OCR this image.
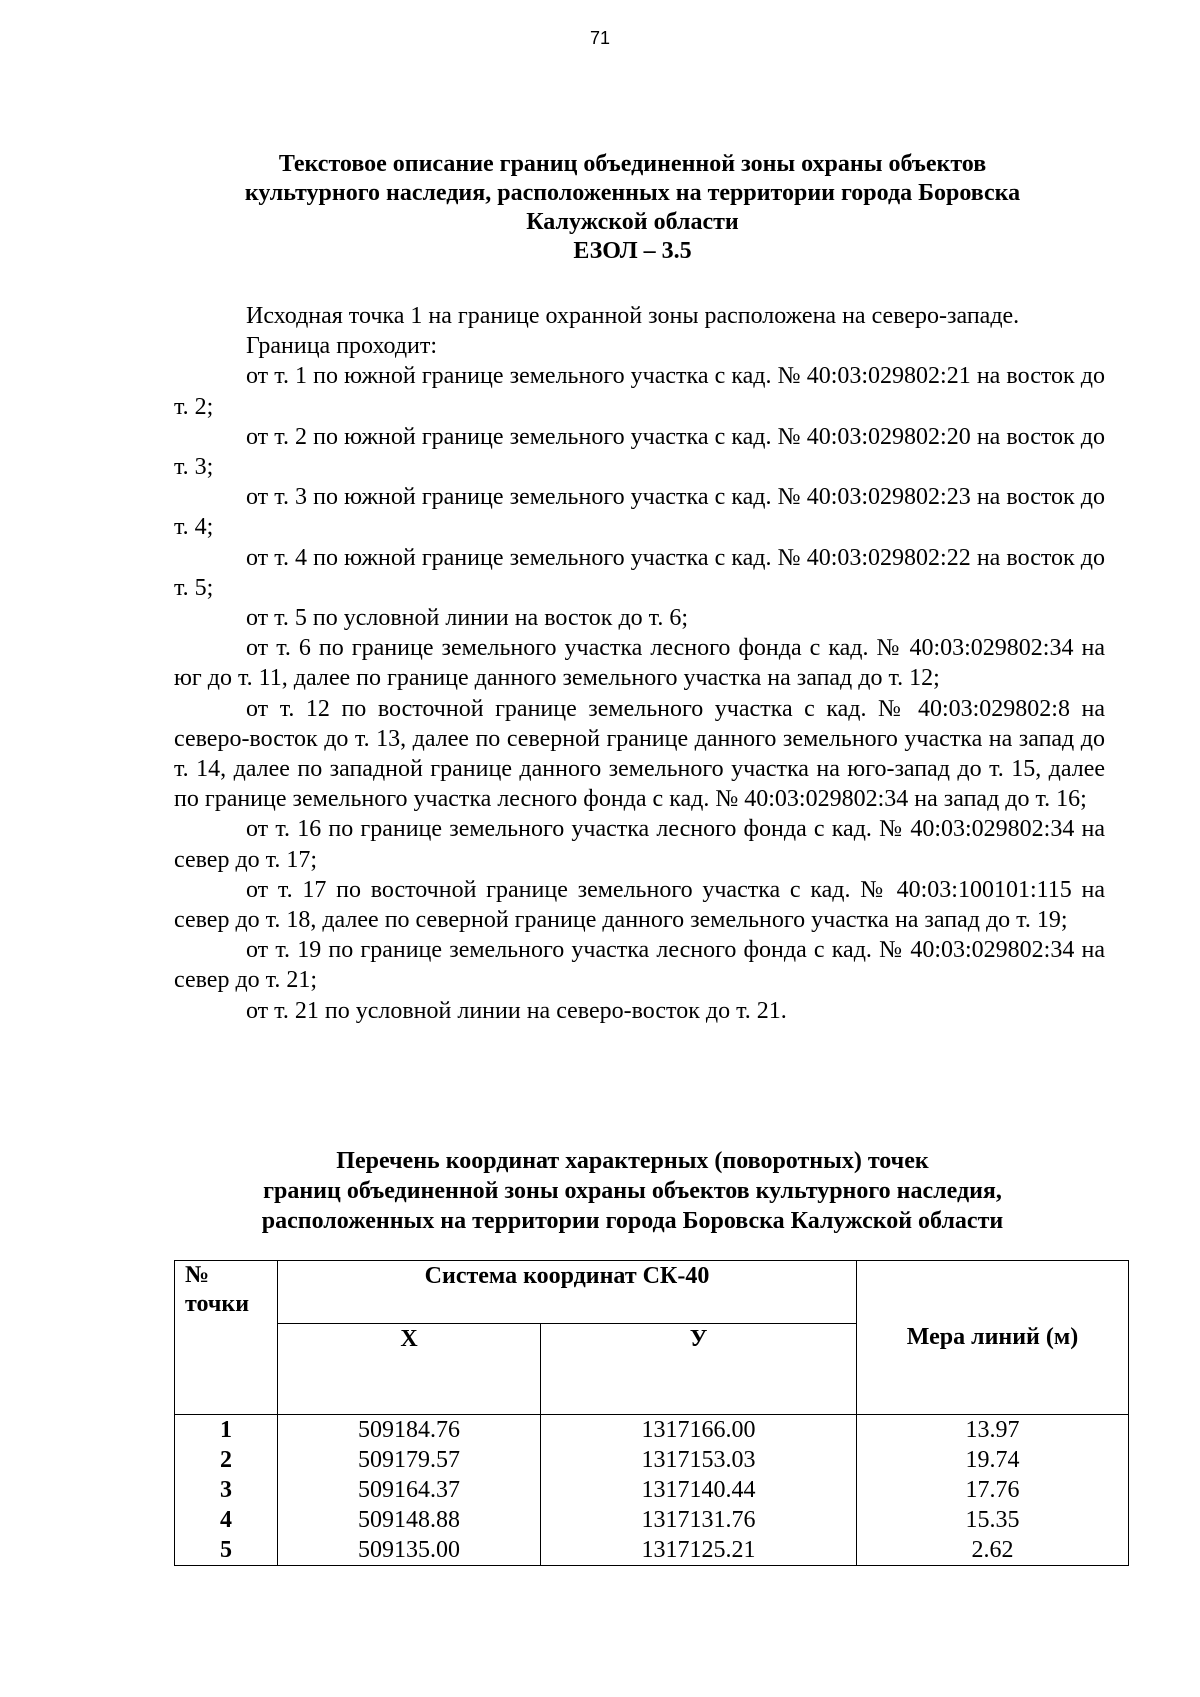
71
Текстовое описание границ объединенной зоны охраны объектов
культурного наследия, расположенных на территории города Боровска
Калужской области
ЕЗОЛ – 3.5

Исходная точка 1 на границе охранной зоны расположена на северо-западе.

Граница проходит:

от т. 1 по южной границе земельного участка с кад. № 40:03:029802:21 на восток до т. 2;

от т. 2 по южной границе земельного участка с кад. № 40:03:029802:20 на восток до т. 3;

от т. 3 по южной границе земельного участка с кад. № 40:03:029802:23 на восток до т. 4;

от т. 4 по южной границе земельного участка с кад. № 40:03:029802:22 на восток до т. 5;

от т. 5 по условной линии на восток до т. 6;

от т. 6 по границе земельного участка лесного фонда с кад. № 40:03:029802:34 на юг до т. 11, далее по границе данного земельного участка на запад до т. 12;

от т. 12 по восточной границе земельного участка с кад. № 40:03:029802:8 на северо-восток до т. 13, далее по северной границе данного земельного участка на запад до т. 14, далее по западной границе данного земельного участка на юго-запад до т. 15, далее по границе земельного участка лесного фонда с кад. № 40:03:029802:34 на запад до т. 16;

от т. 16 по границе земельного участка лесного фонда с кад. № 40:03:029802:34 на север до т. 17;

от т. 17 по восточной границе земельного участка с кад. № 40:03:100101:115 на север до т. 18, далее по северной границе данного земельного участка на запад до т. 19;

от т. 19 по границе земельного участка лесного фонда с кад. № 40:03:029802:34 на север до т. 21;

от т. 21 по условной линии на северо-восток до т. 21.

Перечень координат характерных (поворотных) точек
границ объединенной зоны охраны объектов культурного наследия,
расположенных на территории города Боровска Калужской области
№ точки	Система координат СК-40		Мера линий (м)
	Х	У	
1	509184.76	1317166.00	13.97
2	509179.57	1317153.03	19.74
3	509164.37	1317140.44	17.76
4	509148.88	1317131.76	15.35
5	509135.00	1317125.21	2.62
